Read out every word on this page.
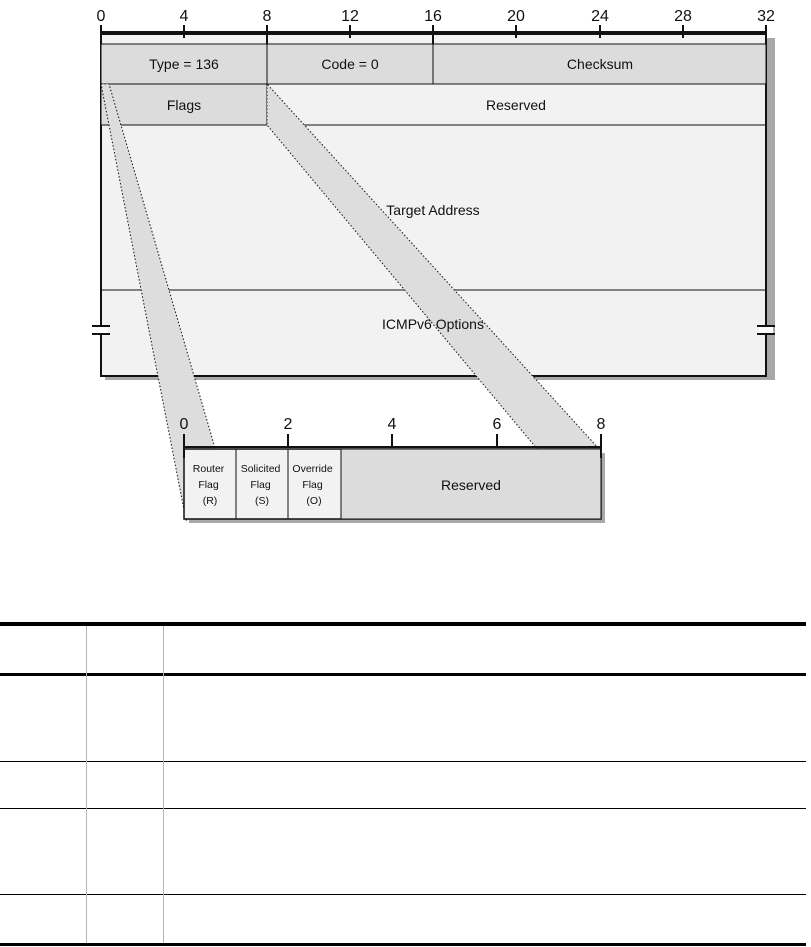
0	4	8	12	16	20	24	28	32
Type = 136	Code = 0	Checksum
Flags	Reserved
Target Address
ICMPv6 Options
0	2	4	6	8
Router Flag (R)
Solicited Flag (S)
Override Flag (O)
Reserved
